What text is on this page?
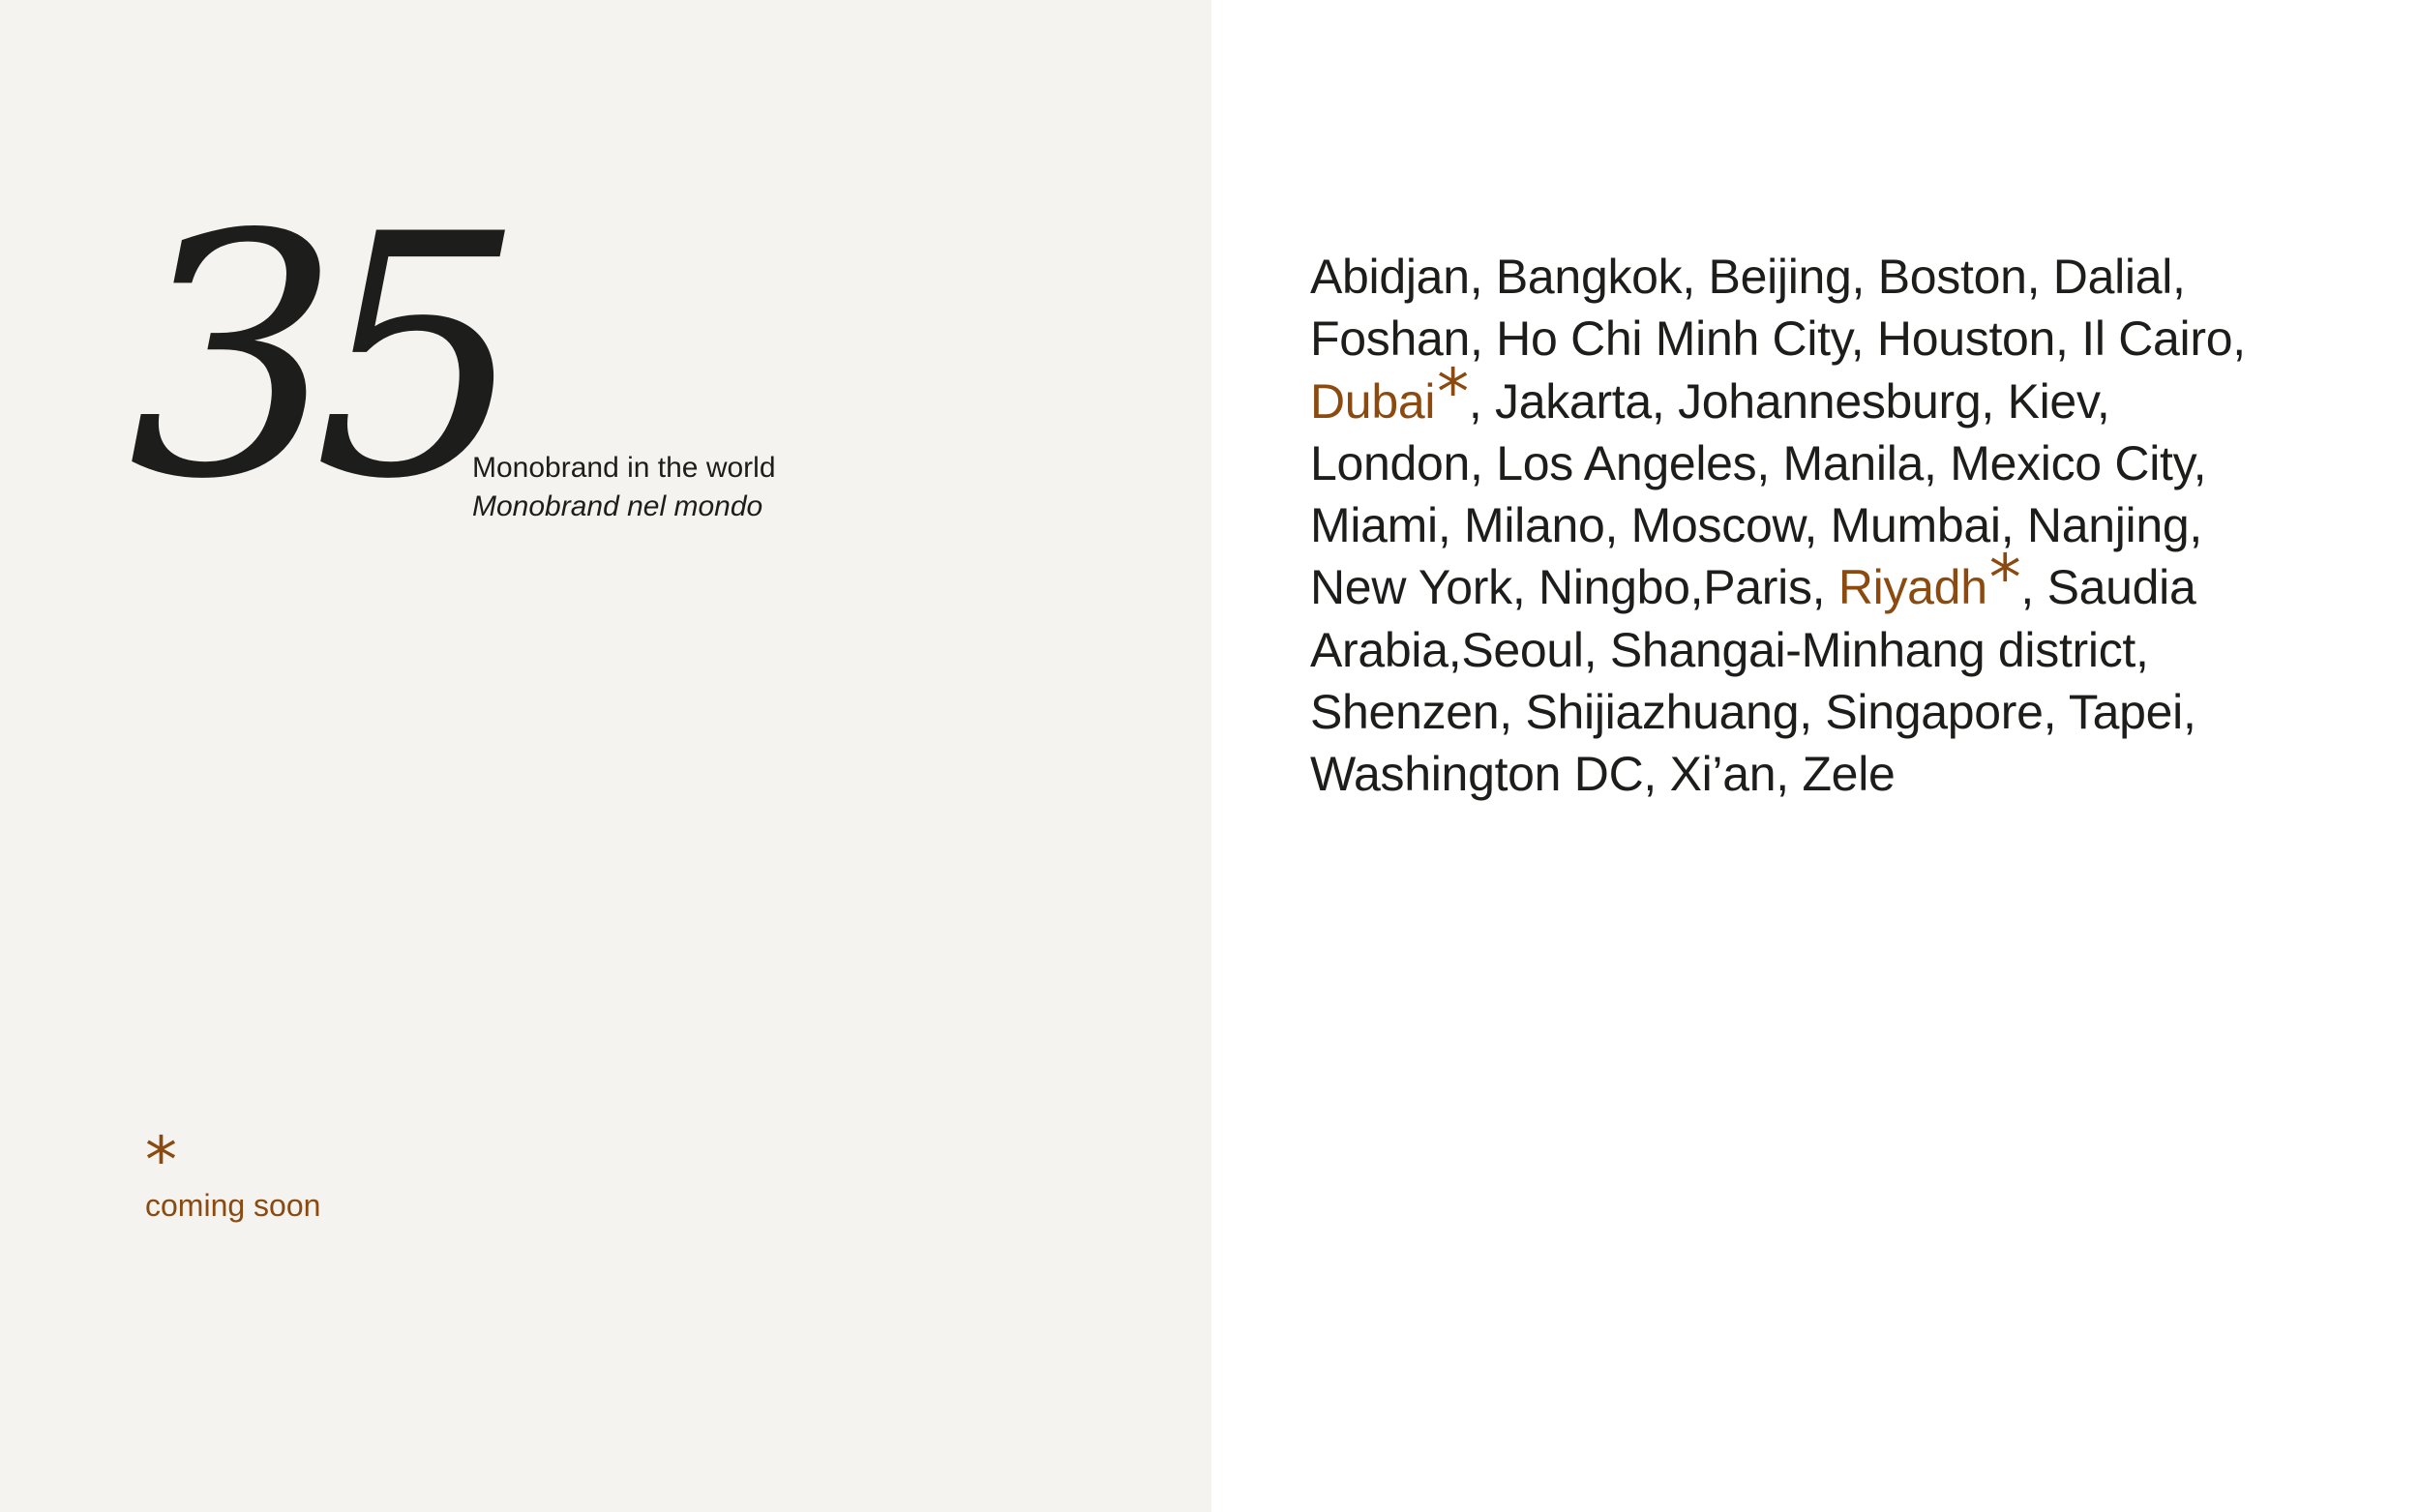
35
Monobrand in the world
Monobrand nel mondo
*
coming soon

Abidjan, Bangkok, Beijing, Boston, Dalial,
Foshan, Ho Chi Minh City, Houston, Il Cairo,
Dubai*, Jakarta, Johannesburg, Kiev,
London, Los Angeles, Manila, Mexico City,
Miami, Milano, Moscow, Mumbai, Nanjing,
New York, Ningbo,Paris, Riyadh*, Saudia
Arabia,Seoul, Shangai-Minhang district,
Shenzen, Shijiazhuang, Singapore, Tapei,
Washington DC, Xi’an, Zele
